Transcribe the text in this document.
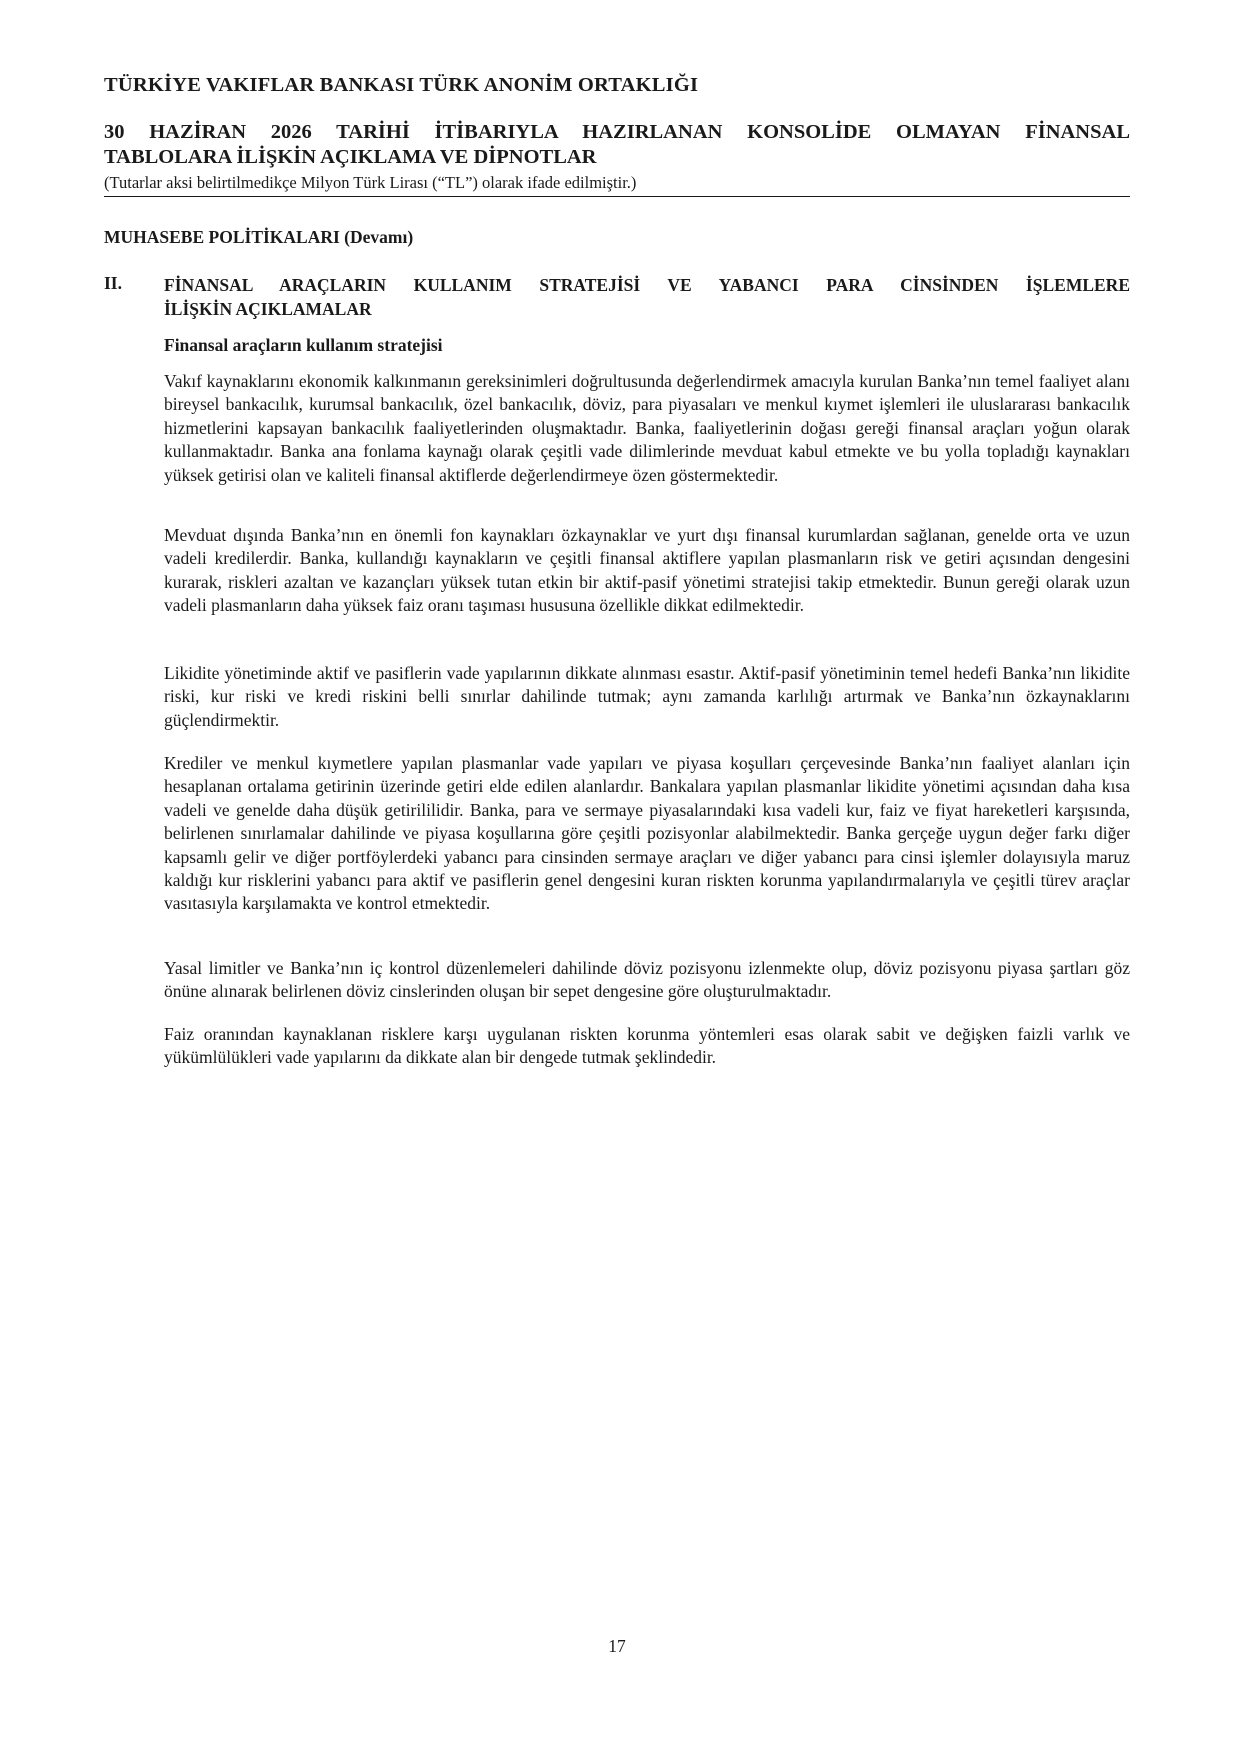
TÜRKİYE VAKIFLAR BANKASI TÜRK ANONİM ORTAKLIĞI
30 HAZİRAN 2026 TARİHİ İTİBARIYLA HAZIRLANAN KONSOLİDE OLMAYAN FİNANSAL
TABLOLARA İLİŞKİN AÇIKLAMA VE DİPNOTLAR
(Tutarlar aksi belirtilmedikçe Milyon Türk Lirası (“TL”) olarak ifade edilmiştir.)
MUHASEBE POLİTİKALARI (Devamı)
II. FİNANSAL ARAÇLARIN KULLANIM STRATEJİSİ VE YABANCI PARA CİNSİNDEN İŞLEMLERE
İLİŞKİN AÇIKLAMALAR
Finansal araçların kullanım stratejisi

Vakıf kaynaklarını ekonomik kalkınmanın gereksinimleri doğrultusunda değerlendirmek amacıyla kurulan Banka’nın temel faaliyet alanı bireysel bankacılık, kurumsal bankacılık, özel bankacılık, döviz, para piyasaları ve menkul kıymet işlemleri ile uluslararası bankacılık hizmetlerini kapsayan bankacılık faaliyetlerinden oluşmaktadır. Banka, faaliyetlerinin doğası gereği finansal araçları yoğun olarak kullanmaktadır. Banka ana fonlama kaynağı olarak çeşitli vade dilimlerinde mevduat kabul etmekte ve bu yolla topladığı kaynakları yüksek getirisi olan ve kaliteli finansal aktiflerde değerlendirmeye özen göstermektedir.

Mevduat dışında Banka’nın en önemli fon kaynakları özkaynaklar ve yurt dışı finansal kurumlardan sağlanan, genelde orta ve uzun vadeli kredilerdir. Banka, kullandığı kaynakların ve çeşitli finansal aktiflere yapılan plasmanların risk ve getiri açısından dengesini kurarak, riskleri azaltan ve kazançları yüksek tutan etkin bir aktif-pasif yönetimi stratejisi takip etmektedir. Bunun gereği olarak uzun vadeli plasmanların daha yüksek faiz oranı taşıması hususuna özellikle dikkat edilmektedir.

Likidite yönetiminde aktif ve pasiflerin vade yapılarının dikkate alınması esastır. Aktif-pasif yönetiminin temel hedefi Banka’nın likidite riski, kur riski ve kredi riskini belli sınırlar dahilinde tutmak; aynı zamanda karlılığı artırmak ve Banka’nın özkaynaklarını güçlendirmektir.

Krediler ve menkul kıymetlere yapılan plasmanlar vade yapıları ve piyasa koşulları çerçevesinde Banka’nın faaliyet alanları için hesaplanan ortalama getirinin üzerinde getiri elde edilen alanlardır. Bankalara yapılan plasmanlar likidite yönetimi açısından daha kısa vadeli ve genelde daha düşük getirililidir. Banka, para ve sermaye piyasalarındaki kısa vadeli kur, faiz ve fiyat hareketleri karşısında, belirlenen sınırlamalar dahilinde ve piyasa koşullarına göre çeşitli pozisyonlar alabilmektedir. Banka gerçeğe uygun değer farkı diğer kapsamlı gelir ve diğer portföylerdeki yabancı para cinsinden sermaye araçları ve diğer yabancı para cinsi işlemler dolayısıyla maruz kaldığı kur risklerini yabancı para aktif ve pasiflerin genel dengesini kuran riskten korunma yapılandırmalarıyla ve çeşitli türev araçlar vasıtasıyla karşılamakta ve kontrol etmektedir.

Yasal limitler ve Banka’nın iç kontrol düzenlemeleri dahilinde döviz pozisyonu izlenmekte olup, döviz pozisyonu piyasa şartları göz önüne alınarak belirlenen döviz cinslerinden oluşan bir sepet dengesine göre oluşturulmaktadır.

Faiz oranından kaynaklanan risklere karşı uygulanan riskten korunma yöntemleri esas olarak sabit ve değişken faizli varlık ve yükümlülükleri vade yapılarını da dikkate alan bir dengede tutmak şeklindedir.

17
